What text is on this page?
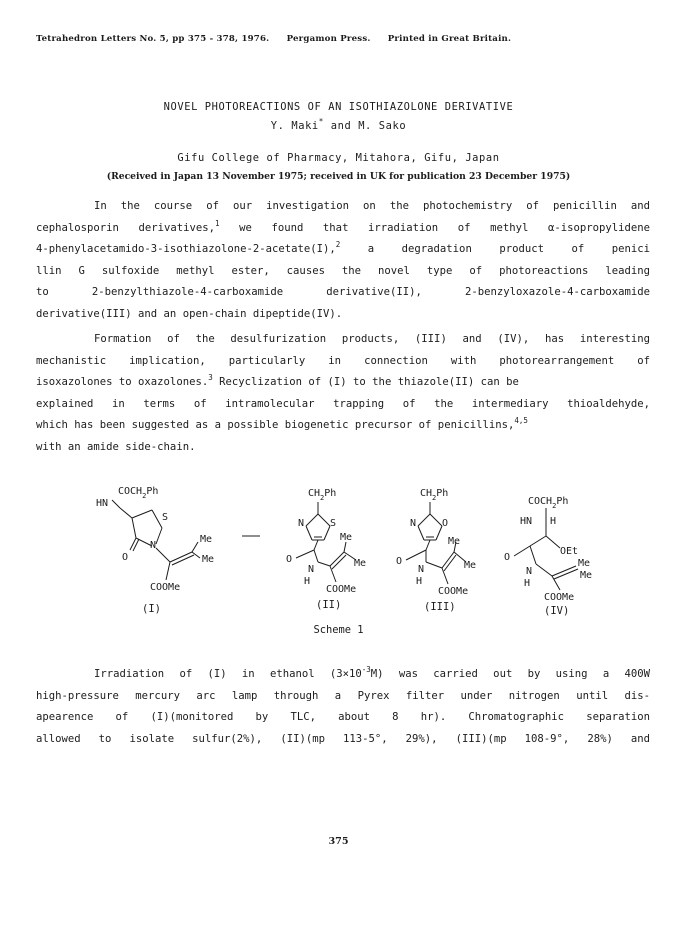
Tetrahedron Letters No. 5, pp 375 - 378, 1976. Pergamon Press. Printed in Great Britain.
NOVEL PHOTOREACTIONS OF AN ISOTHIAZOLONE DERIVATIVE
Y. Maki* and M. Sako
Gifu College of Pharmacy, Mitahora, Gifu, Japan
(Received in Japan 13 November 1975; received in UK for publication 23 December 1975)
In the course of our investigation on the photochemistry of penicillin and
cephalosporin derivatives,$^1$ we found that irradiation of methyl α-isopropylidene
4-phenylacetamido-3-isothiazolone-2-acetate(I),$^2$ a degradation product of penici
llin G sulfoxide methyl ester, causes the novel type of photoreactions leading
to 2-benzylthiazole-4-carboxamide derivative(II), 2-benzyloxazole-4-carboxamide
derivative(III) and an open-chain dipeptide(IV).
Formation of the desulfurization products, (III) and (IV), has interesting
mechanistic implication, particularly in connection with photorearrangement of
isoxazolones to oxazolones.$^3$ Recyclization of (I) to the thiazole(II) can be
explained in terms of intramolecular trapping of the intermediary thioaldehyde,
which has been suggested as a possible biogenetic precursor of penicillins,$^{4,5}$
with an amide side-chain.
$COCH_2Ph$
HN
S
N
O
Me
Me
COOMe
(I)
$CH_2Ph$
N	S
O
N
H
Me
Me
COOMe
(II)
$CH_2Ph$
N	O
O
N
H
Me
Me
COOMe
(III)
$COCH_2Ph$
HN H
OEt
O
N
H
Me
Me
COOMe
(IV)
Scheme 1
Irradiation of (I) in ethanol $(3\times 10^{-3}M)$ was carried out by using a 400W
high-pressure mercury arc lamp through a Pyrex filter under nitrogen until dis-
apearence of (I)(monitored by TLC, about 8 hr). Chromatographic separation
allowed to isolate sulfur(2%), (II)(mp 113-5°, 29%), (III)(mp 108-9°, 28%) and
375
